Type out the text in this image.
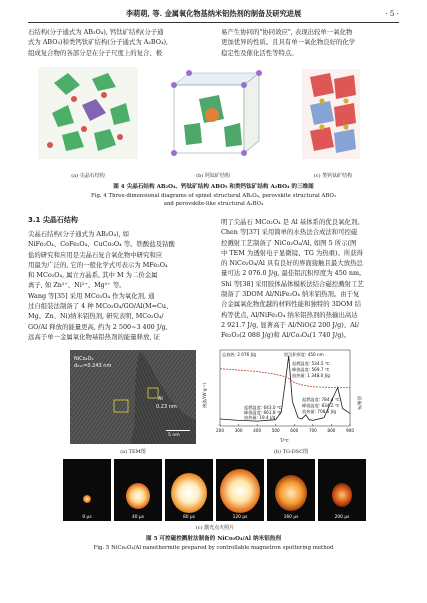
李萌萌, 等. 金属氧化物基纳米铝热剂的制备及研究进展	· 5 ·
石结构(分子通式为 AB₂O₄), 钙钛矿结构(分子通
式为 ABO₃)和类钙钛矿结构(分子通式为 A₂BO₄),
组成复合物的各部分是在分子尺度上的复合、极
易产生协同的"协同效应", 表现出较单一氧化物
更加优异的性质。且具有单一氧化物良好的化学
稳定性及催化活性等特点。
(a) 尖晶石结构	(b) 钙钛矿结构	(c) 类钙钛矿结构
图 4 尖晶石结构 AB₂O₄、钙钛矿结构 ABO₃ 和类钙钛矿结构 A₂BO₄ 的三维图
Fig. 4 Three-dimensional diagrams of spinel structural AB₂O₄, perovskite structural ABO₃
and perovskite-like structural A₂BO₄
3.1 尖晶石结构
尖晶石结构(分子通式为 AB₂O₄), 如
NiFe₂O₄、CoFe₂O₄、CuCo₂O₄ 等。铁酸盐及钴酸
盐的研究和应用是尖晶石复合氧化物中研究和应
用最为广泛的, 它的一般化学式可表示为 MFe₂O₄
和 MCo₂O₄, 属立方晶系, 其中 M 为二价金属
离子, 如 Zn²⁺、Ni²⁺、Mg²⁺ 等。
Wang 等[35] 采用 MCo₂O₄ 作为氧化剂, 通
过自组装法制备了 4 种 MCo₂O₄/GO/Al(M=Cu、
Mg、Zn、Ni)纳米铝热剂, 研究表明, MCo₂O₄/
GO/Al 释放的能量更高, 约为 2 500~3 400 J/g,
远高于单一金属氧化物基铝热剂的能量释放, 证
明了尖晶石 MCo₂O₄ 是 Al 基体系的优良氧化剂。
Chen 等[37] 采用简单的水热法合成法和可控磁
控溅射工艺制备了 NiCo₂O₄/Al, 如图 5 所示(图
中 TEM 为透射电子显微镜、TG 为热重)。所获得
的 NiCo₂O₄/Al 具有良好的界面接触且最大放热总
量可达 2 076.0 J/g, 最佳铝沉积厚度为 450 nm。
Shi 等[38] 采用胶体晶体模板法结合磁控溅射工艺
制备了 3DOM Al/NiFe₂O₄ 纳米铝热剂。由于复
合金属氧化物优越的材料性能和独特的 3DOM 结
构等优点, Al/NiFe₂O₄ 纳米铝热剂的热输出高达
2 921.7 J/g, 显著高于 Al/NiO(2 200 J/g)、Al/
Fe₂O₃(2 088 J/g)和 Al/Co₃O₄(1 740 J/g)。
NiCo₂O₄
d₃₁₁=0.243 nm
Al
0.23 nm
5 nm
(a) TEM图
200	300	400	500	600	700	800	900
总放热: 2 076 J/g	铝沉积厚度: 450 nm
起燃温度: 534.5 ℃
峰值温度: 569.7 ℃
放热量: 1 348.0 J/g
起燃温度: 643.0 ℃
峰值温度: 661.8 ℃
放热量: 19.4 J/g
起燃温度: 784.4 ℃
峰值温度: 834.2 ℃
放热量: 708.6 J/g
T/℃
热流/(W·g⁻¹)	质量/%
(b) TG-DSC图
0 μs	40 μs	80 μs	120 μs	160 μs	200 μs
(c) 激光点火照片
图 5 可控磁控溅射法制备的 NiCo₂O₄/Al 纳米铝热剂
Fig. 5 NiCo₂O₄/Al nanothermite prepared by controllable magnetron sputtering method
